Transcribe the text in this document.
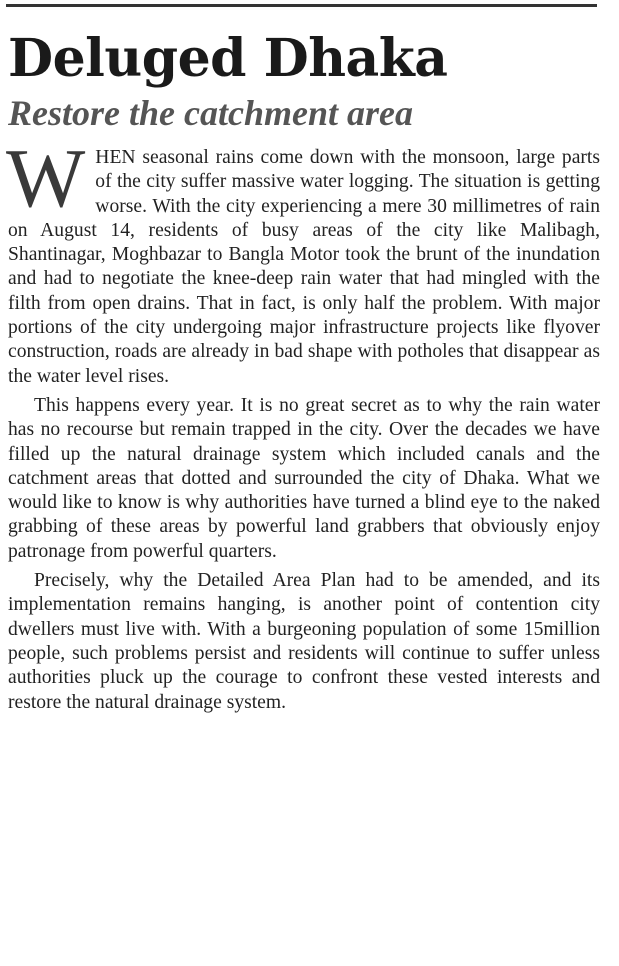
Deluged Dhaka
Restore the catchment area

WHEN seasonal rains come down with the monsoon, large parts of the city suffer massive water logging. The situation is getting worse. With the city experiencing a mere 30 millimetres of rain on August 14, residents of busy areas of the city like Malibagh, Shantinagar, Moghbazar to Bangla Motor took the brunt of the inundation and had to negotiate the knee-deep rain water that had mingled with the filth from open drains. That in fact, is only half the problem. With major portions of the city undergoing major infrastructure projects like flyover construction, roads are already in bad shape with potholes that disappear as the water level rises.

This happens every year. It is no great secret as to why the rain water has no recourse but remain trapped in the city. Over the decades we have filled up the natural drainage system which included canals and the catchment areas that dotted and surrounded the city of Dhaka. What we would like to know is why authorities have turned a blind eye to the naked grabbing of these areas by powerful land grabbers that obviously enjoy patronage from powerful quarters.

Precisely, why the Detailed Area Plan had to be amended, and its implementation remains hanging, is another point of contention city dwellers must live with. With a burgeoning population of some 15million people, such problems persist and residents will continue to suffer unless authorities pluck up the courage to confront these vested interests and restore the natural drainage system.
